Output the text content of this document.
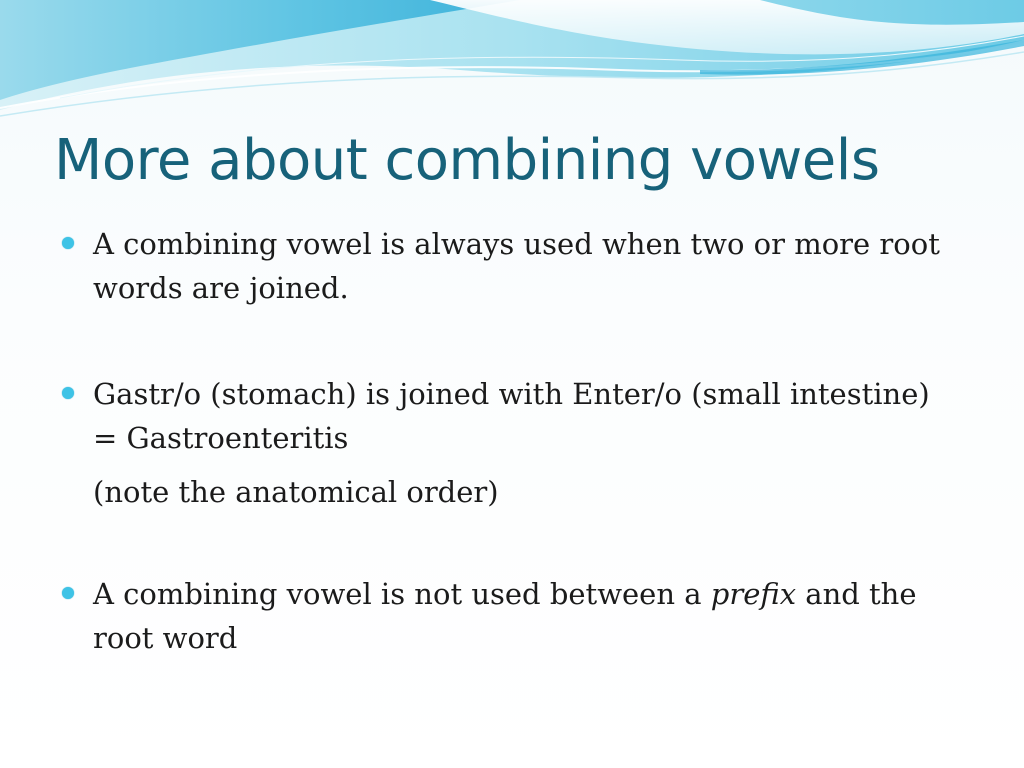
More about combining vowels
A combining vowel is always used when two or more root words are joined.
Gastr/o (stomach) is joined with Enter/o (small intestine) = Gastroenteritis
(note the anatomical order)
A combining vowel is not used between a prefix and the root word
